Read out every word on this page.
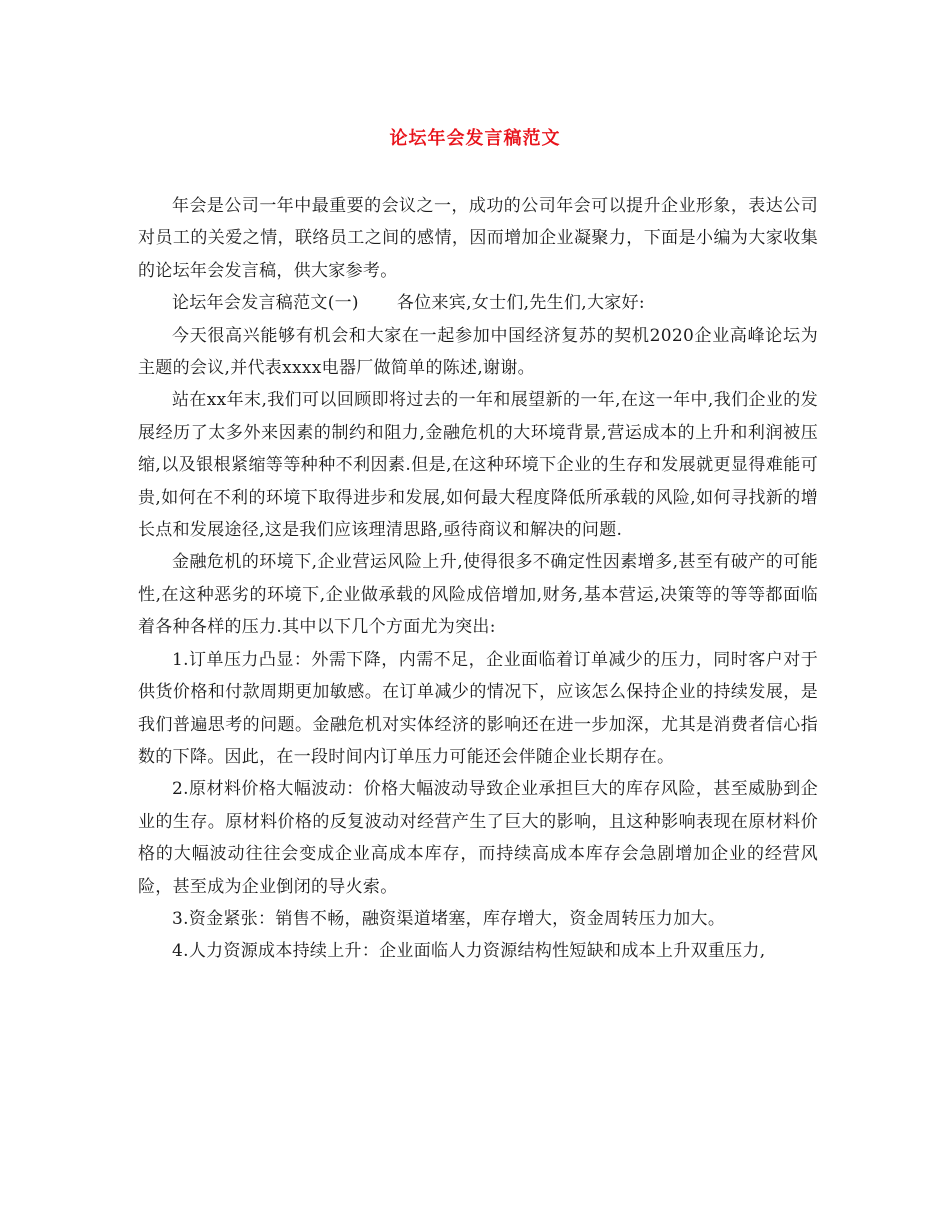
论坛年会发言稿范文

年会是公司一年中最重要的会议之一，成功的公司年会可以提升企业形象，表达公司对员工的关爱之情，联络员工之间的感情，因而增加企业凝聚力，下面是小编为大家收集的论坛年会发言稿，供大家参考。

论坛年会发言稿范文(一) 各位来宾,女士们,先生们,大家好:

今天很高兴能够有机会和大家在一起参加中国经济复苏的契机2020企业高峰论坛为主题的会议,并代表xxxx电器厂做简单的陈述,谢谢。

站在xx年末,我们可以回顾即将过去的一年和展望新的一年,在这一年中,我们企业的发展经历了太多外来因素的制约和阻力,金融危机的大环境背景,营运成本的上升和利润被压缩,以及银根紧缩等等种种不利因素.但是,在这种环境下企业的生存和发展就更显得难能可贵,如何在不利的环境下取得进步和发展,如何最大程度降低所承载的风险,如何寻找新的增长点和发展途径,这是我们应该理清思路,亟待商议和解决的问题.

金融危机的环境下,企业营运风险上升,使得很多不确定性因素增多,甚至有破产的可能性,在这种恶劣的环境下,企业做承载的风险成倍增加,财务,基本营运,决策等的等等都面临着各种各样的压力.其中以下几个方面尤为突出:

1.订单压力凸显：外需下降，内需不足，企业面临着订单减少的压力，同时客户对于供货价格和付款周期更加敏感。在订单减少的情况下，应该怎么保持企业的持续发展，是我们普遍思考的问题。金融危机对实体经济的影响还在进一步加深，尤其是消费者信心指数的下降。因此，在一段时间内订单压力可能还会伴随企业长期存在。

2.原材料价格大幅波动：价格大幅波动导致企业承担巨大的库存风险，甚至威胁到企业的生存。原材料价格的反复波动对经营产生了巨大的影响，且这种影响表现在原材料价格的大幅波动往往会变成企业高成本库存，而持续高成本库存会急剧增加企业的经营风险，甚至成为企业倒闭的导火索。

3.资金紧张：销售不畅，融资渠道堵塞，库存增大，资金周转压力加大。

4.人力资源成本持续上升：企业面临人力资源结构性短缺和成本上升双重压力,
